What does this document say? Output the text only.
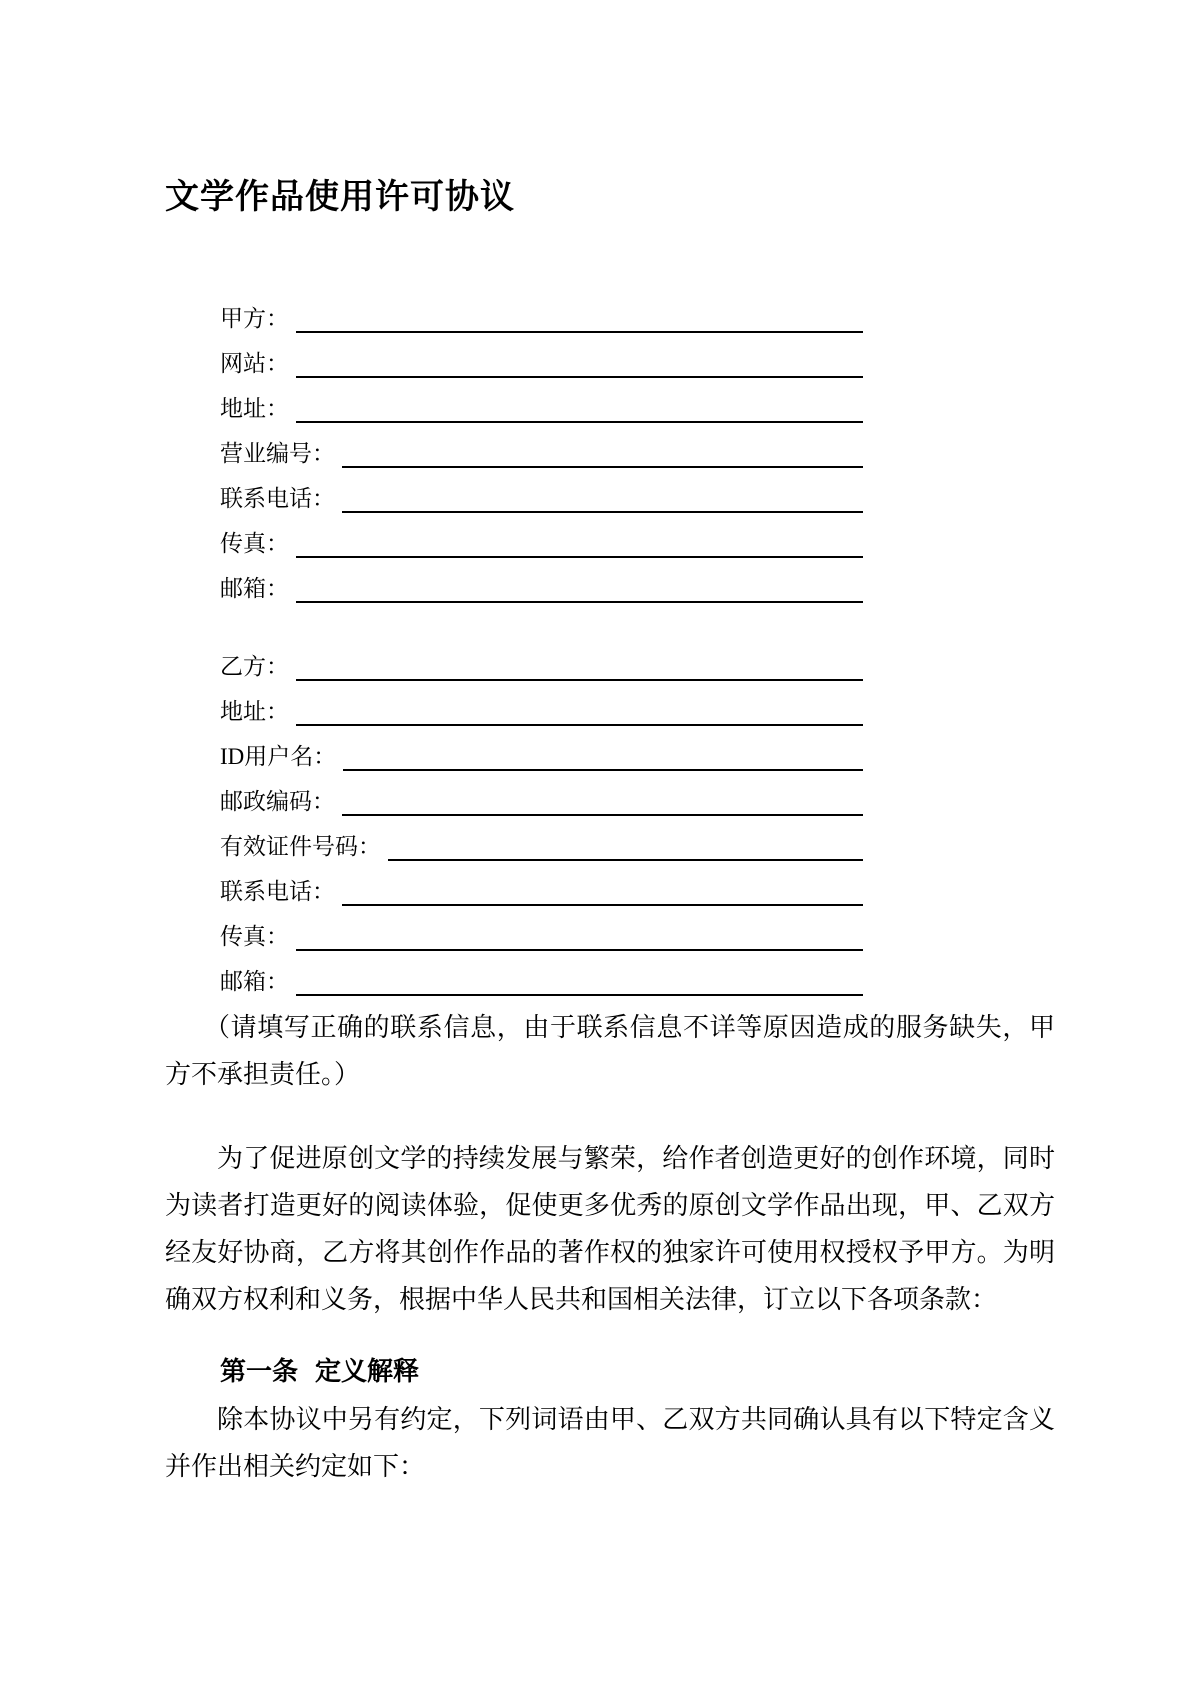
文学作品使用许可协议
甲方：
网站：
地址：
营业编号：
联系电话：
传真：
邮箱：
乙方：
地址：
ID用户名：
邮政编码：
有效证件号码：
联系电话：
传真：
邮箱：

（请填写正确的联系信息，由于联系信息不详等原因造成的服务缺失，甲方不承担责任。）

为了促进原创文学的持续发展与繁荣，给作者创造更好的创作环境，同时为读者打造更好的阅读体验，促使更多优秀的原创文学作品出现，甲、乙双方经友好协商，乙方将其创作作品的著作权的独家许可使用权授权予甲方。为明确双方权利和义务，根据中华人民共和国相关法律，订立以下各项条款：

第一条 定义解释

除本协议中另有约定，下列词语由甲、乙双方共同确认具有以下特定含义并作出相关约定如下：
